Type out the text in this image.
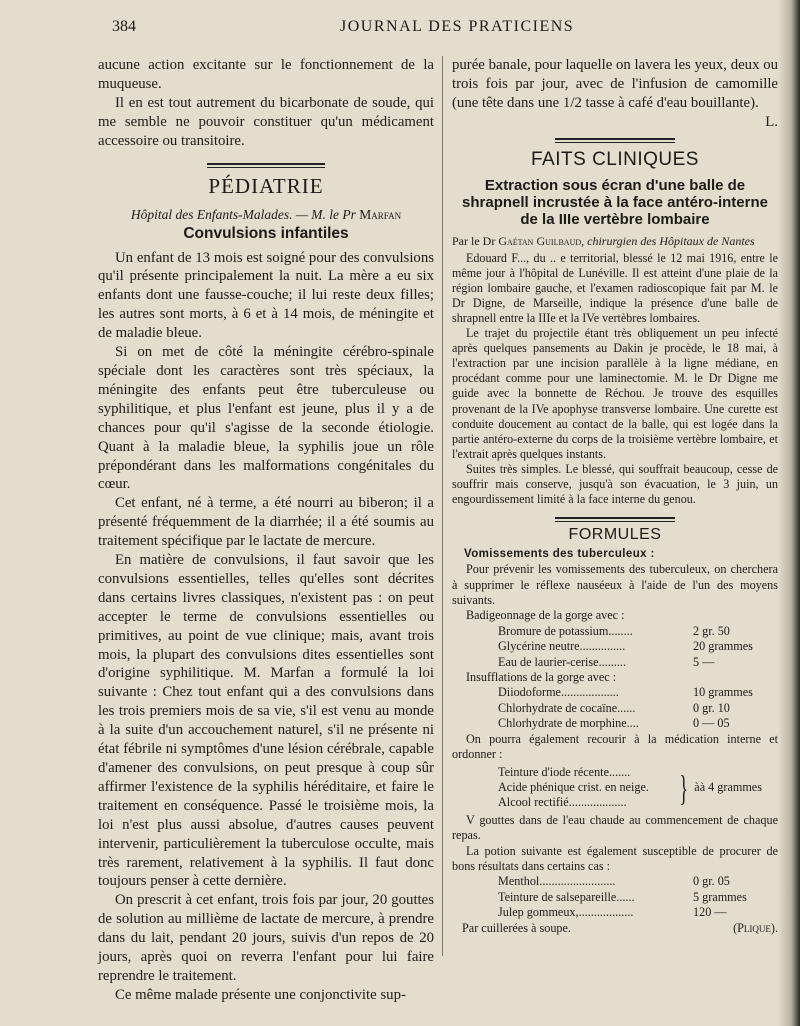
384	JOURNAL DES PRATICIENS

aucune action excitante sur le fonctionnement de la muqueuse.

Il en est tout autrement du bicarbonate de soude, qui me semble ne pouvoir constituer qu'un médicament accessoire ou transitoire.

PÉDIATRIE
Hôpital des Enfants-Malades. — M. le Pr Marfan
Convulsions infantiles

Un enfant de 13 mois est soigné pour des convulsions qu'il présente principalement la nuit. La mère a eu six enfants dont une fausse-couche; il lui reste deux filles; les autres sont morts, à 6 et à 14 mois, de méningite et de maladie bleue.

Si on met de côté la méningite cérébro-spinale spéciale dont les caractères sont très spéciaux, la méningite des enfants peut être tuberculeuse ou syphilitique, et plus l'enfant est jeune, plus il y a de chances pour qu'il s'agisse de la seconde étiologie. Quant à la maladie bleue, la syphilis joue un rôle prépondérant dans les malformations congénitales du cœur.

Cet enfant, né à terme, a été nourri au biberon; il a présenté fréquemment de la diarrhée; il a été soumis au traitement spécifique par le lactate de mercure.

En matière de convulsions, il faut savoir que les convulsions essentielles, telles qu'elles sont décrites dans certains livres classiques, n'existent pas : on peut accepter le terme de convulsions essentielles ou primitives, au point de vue clinique; mais, avant trois mois, la plupart des convulsions dites essentielles sont d'origine syphilitique. M. Marfan a formulé la loi suivante : Chez tout enfant qui a des convulsions dans les trois premiers mois de sa vie, s'il est venu au monde à la suite d'un accouchement naturel, s'il ne présente ni état fébrile ni symptômes d'une lésion cérébrale, capable d'amener des convulsions, on peut presque à coup sûr affirmer l'existence de la syphilis héréditaire, et faire le traitement en conséquence. Passé le troisième mois, la loi n'est plus aussi absolue, d'autres causes peuvent intervenir, particulièrement la tuberculose occulte, mais très rarement, relativement à la syphilis. Il faut donc toujours penser à cette dernière.

On prescrit à cet enfant, trois fois par jour, 20 gouttes de solution au millième de lactate de mercure, à prendre dans du lait, pendant 20 jours, suivis d'un repos de 20 jours, après quoi on reverra l'enfant pour lui faire reprendre le traitement.

Ce même malade présente une conjonctivite sup-

purée banale, pour laquelle on lavera les yeux, deux ou trois fois par jour, avec de l'infusion de camomille (une tête dans une 1/2 tasse à café d'eau bouillante).

L.

FAITS CLINIQUES
Extraction sous écran d'une balle de shrapnell incrustée à la face antéro-interne de la IIIe vertèbre lombaire

Par le Dr Gaétan Guilbaud, chirurgien des Hôpitaux de Nantes

Edouard F..., du .. e territorial, blessé le 12 mai 1916, entre le même jour à l'hôpital de Lunéville. Il est atteint d'une plaie de la région lombaire gauche, et l'examen radioscopique fait par M. le Dr Digne, de Marseille, indique la présence d'une balle de shrapnell entre la IIIe et la IVe vertèbres lombaires.

Le trajet du projectile étant très obliquement un peu infecté après quelques pansements au Dakin je procède, le 18 mai, à l'extraction par une incision parallèle à la ligne médiane, en procédant comme pour une laminectomie. M. le Dr Digne me guide avec la bonnette de Réchou. Je trouve des esquilles provenant de la IVe apophyse transverse lombaire. Une curette est conduite doucement au contact de la balle, qui est logée dans la partie antéro-externe du corps de la troisième vertèbre lombaire, et l'extrait après quelques instants.

Suites très simples. Le blessé, qui souffrait beaucoup, cesse de souffrir mais conserve, jusqu'à son évacuation, le 3 juin, un engourdissement limité à la face interne du genou.

FORMULES
Vomissements des tuberculeux :

Pour prévenir les vomissements des tuberculeux, on cherchera à supprimer le réflexe nauséeux à l'aide de l'un des moyens suivants.

Badigeonnage de la gorge avec :

Bromure de potassium........	2 gr. 50
Glycérine neutre...............	20 grammes
Eau de laurier-cerise.........	5 —

Insufflations de la gorge avec :

Diiodoforme...................	10 grammes
Chlorhydrate de cocaïne......	0 gr. 10
Chlorhydrate de morphine....	0 — 05

On pourra également recourir à la médication interne et ordonner :

Teinture d'iode récente.......
Acide phénique crist. en neige.
Alcool rectifié...................	} àà 4 grammes

V gouttes dans de l'eau chaude au commencement de chaque repas.

La potion suivante est également susceptible de procurer de bons résultats dans certains cas :

Menthol.........................	0 gr. 05
Teinture de salsepareille......	5 grammes
Julep gommeux,..................	120 —
Par cuillerées à soupe.	(Plique).
